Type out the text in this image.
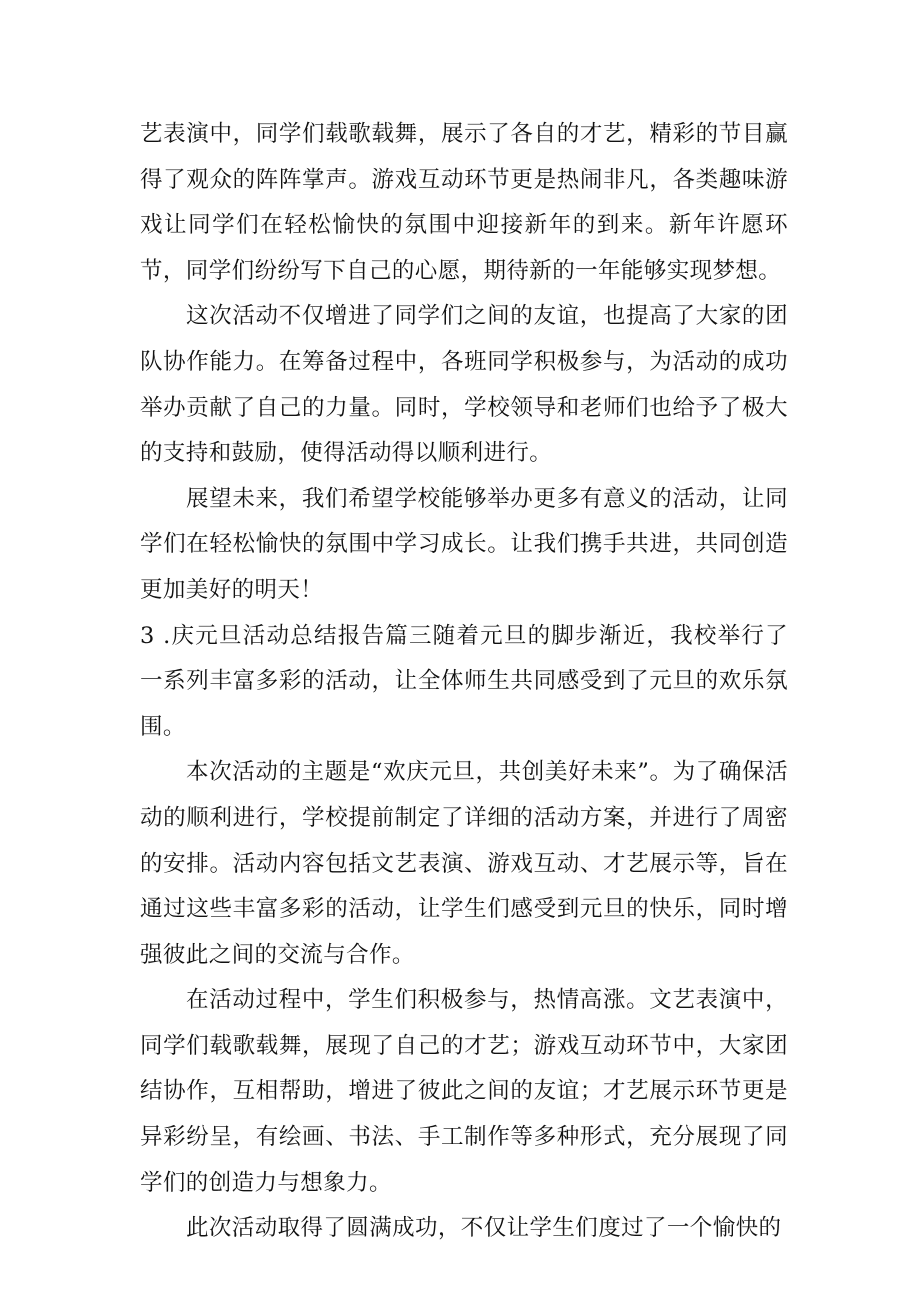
艺表演中，同学们载歌载舞，展示了各自的才艺，精彩的节目赢得了观众的阵阵掌声。游戏互动环节更是热闹非凡，各类趣味游戏让同学们在轻松愉快的氛围中迎接新年的到来。新年许愿环节，同学们纷纷写下自己的心愿，期待新的一年能够实现梦想。

这次活动不仅增进了同学们之间的友谊，也提高了大家的团队协作能力。在筹备过程中，各班同学积极参与，为活动的成功举办贡献了自己的力量。同时，学校领导和老师们也给予了极大的支持和鼓励，使得活动得以顺利进行。

展望未来，我们希望学校能够举办更多有意义的活动，让同学们在轻松愉快的氛围中学习成长。让我们携手共进，共同创造更加美好的明天！

3 .庆元旦活动总结报告篇三随着元旦的脚步渐近，我校举行了一系列丰富多彩的活动，让全体师生共同感受到了元旦的欢乐氛围。

本次活动的主题是“欢庆元旦，共创美好未来”。为了确保活动的顺利进行，学校提前制定了详细的活动方案，并进行了周密的安排。活动内容包括文艺表演、游戏互动、才艺展示等，旨在通过这些丰富多彩的活动，让学生们感受到元旦的快乐，同时增强彼此之间的交流与合作。

在活动过程中，学生们积极参与，热情高涨。文艺表演中，同学们载歌载舞，展现了自己的才艺；游戏互动环节中，大家团结协作，互相帮助，增进了彼此之间的友谊；才艺展示环节更是异彩纷呈，有绘画、书法、手工制作等多种形式，充分展现了同学们的创造力与想象力。

此次活动取得了圆满成功，不仅让学生们度过了一个愉快的
